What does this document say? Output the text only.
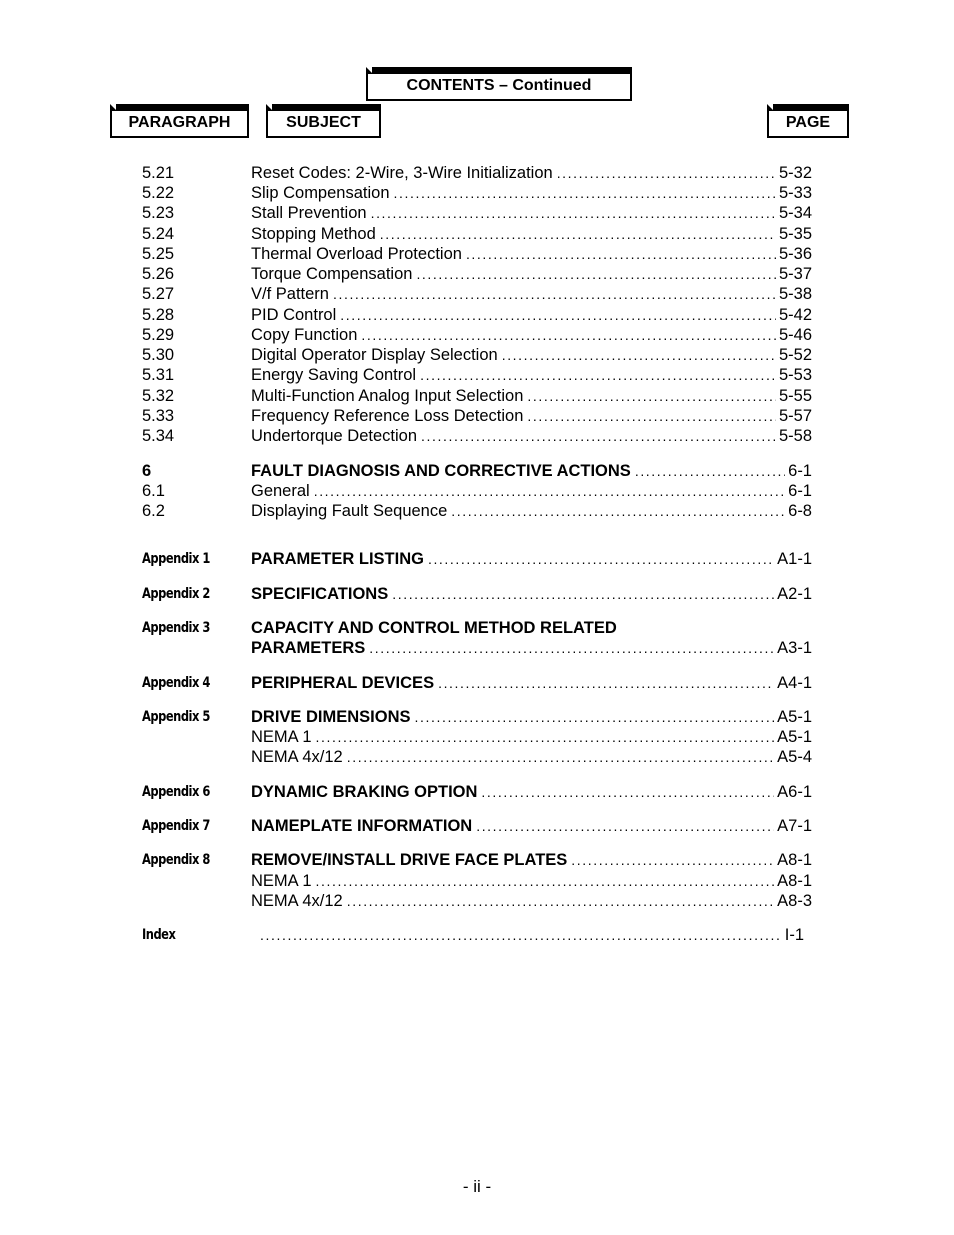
CONTENTS – Continued
PARAGRAPH	SUBJECT	PAGE
5.21	Reset Codes: 2-Wire, 3-Wire Initialization .....	5-32
5.22	Slip Compensation .....	5-33
5.23	Stall Prevention .....	5-34
5.24	Stopping Method .....	5-35
5.25	Thermal Overload Protection .....	5-36
5.26	Torque Compensation .....	5-37
5.27	V/f Pattern .....	5-38
5.28	PID Control .....	5-42
5.29	Copy Function .....	5-46
5.30	Digital Operator Display Selection .....	5-52
5.31	Energy Saving Control .....	5-53
5.32	Multi-Function Analog Input Selection .....	5-55
5.33	Frequency Reference Loss Detection .....	5-57
5.34	Undertorque Detection .....	5-58
6	FAULT DIAGNOSIS AND CORRECTIVE ACTIONS .....	6-1
6.1	General .....	6-1
6.2	Displaying Fault Sequence .....	6-8
Appendix 1 PARAMETER LISTING .....	A1-1
Appendix 2 SPECIFICATIONS .....	A2-1
Appendix 3 CAPACITY AND CONTROL METHOD RELATED
PARAMETERS .....	A3-1
Appendix 4 PERIPHERAL DEVICES .....	A4-1
Appendix 5 DRIVE DIMENSIONS .....	A5-1
NEMA 1 .....	A5-1
NEMA 4x/12 .....	A5-4
Appendix 6 DYNAMIC BRAKING OPTION .....	A6-1
Appendix 7 NAMEPLATE INFORMATION .....	A7-1
Appendix 8 REMOVE/INSTALL DRIVE FACE PLATES .....	A8-1
NEMA 1 .....	A8-1
NEMA 4x/12 .....	A8-3
Index .....	I-1
- ii -
